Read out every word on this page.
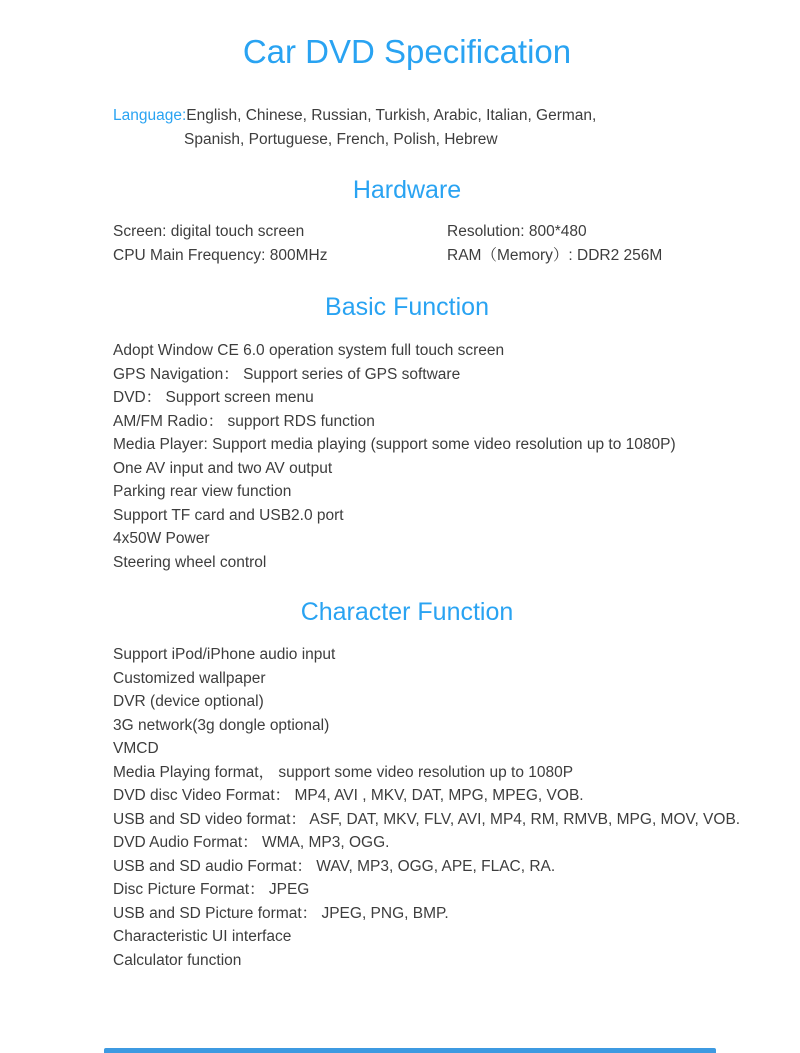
Car DVD Specification
Language:English, Chinese, Russian, Turkish, Arabic, Italian, German,
Spanish, Portuguese, French, Polish, Hebrew
Hardware
Screen: digital touch screen	Resolution: 800*480
CPU Main Frequency: 800MHz	RAM（Memory）: DDR2 256M
Basic Function
Adopt Window CE 6.0 operation system full touch screen
GPS Navigation： Support series of GPS software
DVD： Support screen menu
AM/FM Radio： support RDS function
Media Player: Support media playing (support some video resolution up to 1080P)
One AV input and two AV output
Parking rear view function
Support TF card and USB2.0 port
4x50W Power
Steering wheel control
Character Function
Support iPod/iPhone audio input
Customized wallpaper
DVR (device optional)
3G network(3g dongle optional)
VMCD
Media Playing format， support some video resolution up to 1080P
DVD disc Video Format： MP4, AVI , MKV, DAT, MPG, MPEG, VOB.
USB and SD video format： ASF, DAT, MKV, FLV, AVI, MP4, RM, RMVB, MPG, MOV, VOB.
DVD Audio Format： WMA, MP3, OGG.
USB and SD audio Format： WAV, MP3, OGG, APE, FLAC, RA.
Disc Picture Format： JPEG
USB and SD Picture format： JPEG, PNG, BMP.
Characteristic UI interface
Calculator function
